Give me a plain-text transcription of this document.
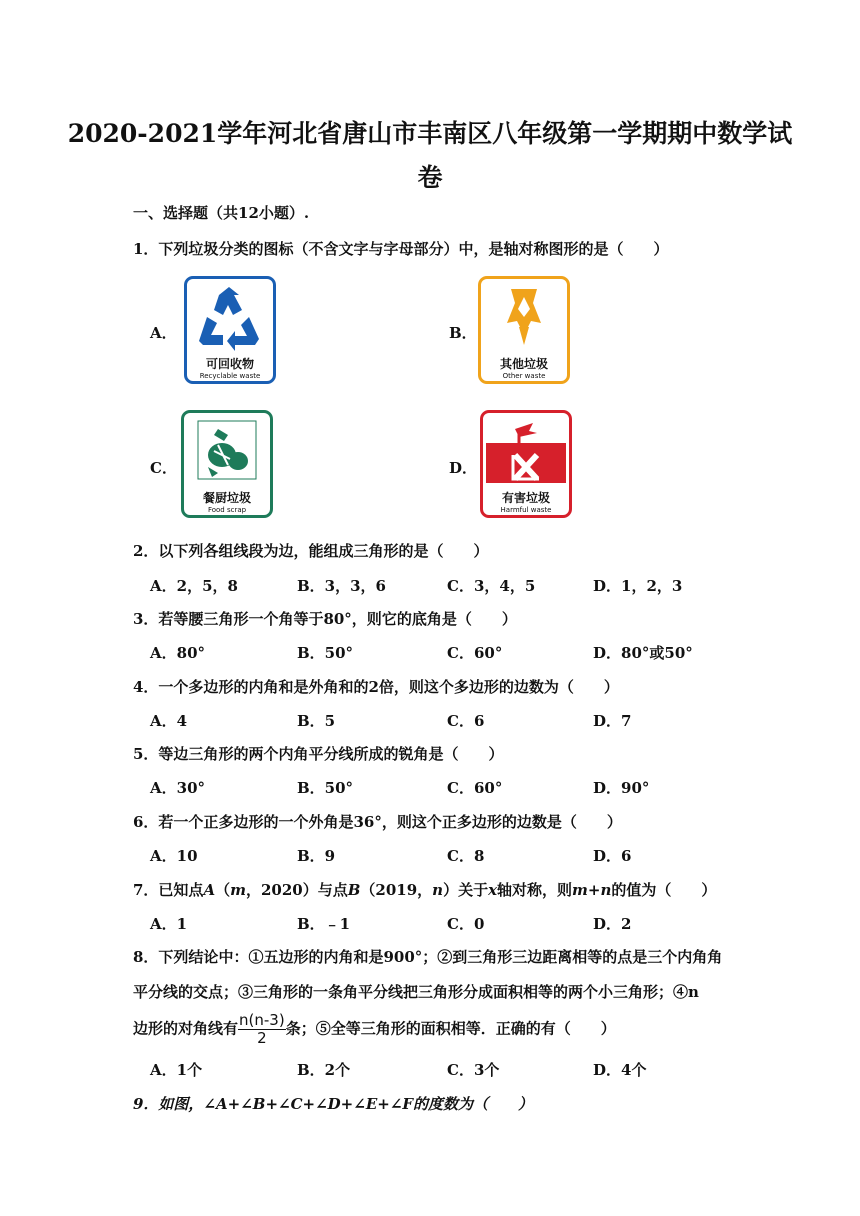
2020-2021学年河北省唐山市丰南区八年级第一学期期中数学试
卷
一、选择题（共12小题）.
1．下列垃圾分类的图标（不含文字与字母部分）中，是轴对称图形的是（　　）
A．	B．
C．	D．
可回收物
Recyclable waste
其他垃圾
Other waste
餐厨垃圾
Food scrap
有害垃圾
Harmful waste
2．以下列各组线段为边，能组成三角形的是（　　）
A．2，5，8	B．3，3，6	C．3，4，5	D．1，2，3
3．若等腰三角形一个角等于80°，则它的底角是（　　）
A．80°	B．50°	C．60°	D．80°或50°
4．一个多边形的内角和是外角和的2倍，则这个多边形的边数为（　　）
A．4	B．5	C．6	D．7
5．等边三角形的两个内角平分线所成的锐角是（　　）
A．30°	B．50°	C．60°	D．90°
6．若一个正多边形的一个外角是36°，则这个正多边形的边数是（　　）
A．10	B．9	C．8	D．6
7．已知点A（m，2020）与点B（2019，n）关于x轴对称，则m+n的值为（　　）
A．1	B．﹣1	C．0	D．2
8．下列结论中：①五边形的内角和是900°；②到三角形三边距离相等的点是三个内角角
平分线的交点；③三角形的一条角平分线把三角形分成面积相等的两个小三角形；④n
边形的对角线有 $\frac{n(n-3)}{2}$ 条；⑤全等三角形的面积相等．正确的有（　　）
A．1个	B．2个	C．3个	D．4个
9．如图，∠A+∠B+∠C+∠D+∠E+∠F的度数为（　　）
